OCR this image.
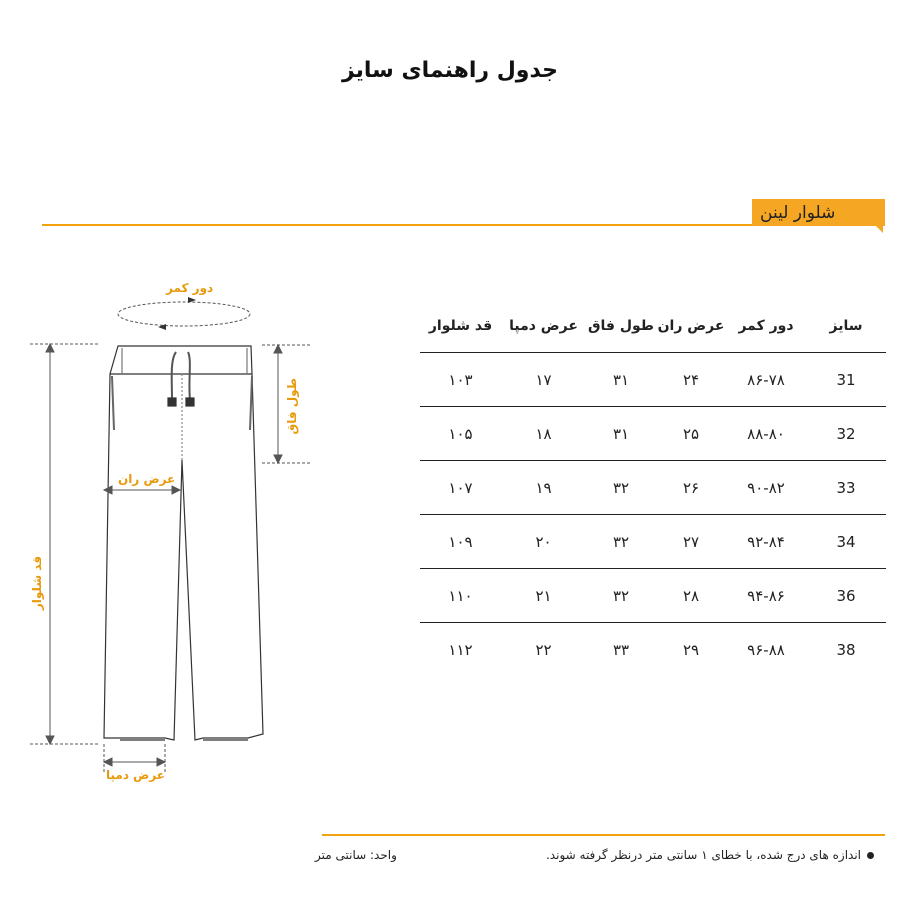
جدول راهنمای سایز
شلوار لینن
دور کمر
طول فاق
عرض ران
قد شلوار
عرض دمپا
سایز	دور کمر	عرض ران	طول فاق	عرض دمپا	قد شلوار
31	۸۶-۷۸	۲۴	۳۱	۱۷	۱۰۳
32	۸۸-۸۰	۲۵	۳۱	۱۸	۱۰۵
33	۹۰-۸۲	۲۶	۳۲	۱۹	۱۰۷
34	۹۲-۸۴	۲۷	۳۲	۲۰	۱۰۹
36	۹۴-۸۶	۲۸	۳۲	۲۱	۱۱۰
38	۹۶-۸۸	۲۹	۳۳	۲۲	۱۱۲
اندازه های درج شده، با خطای ۱ سانتی متر درنظر گرفته شوند.
واحد: سانتی متر
